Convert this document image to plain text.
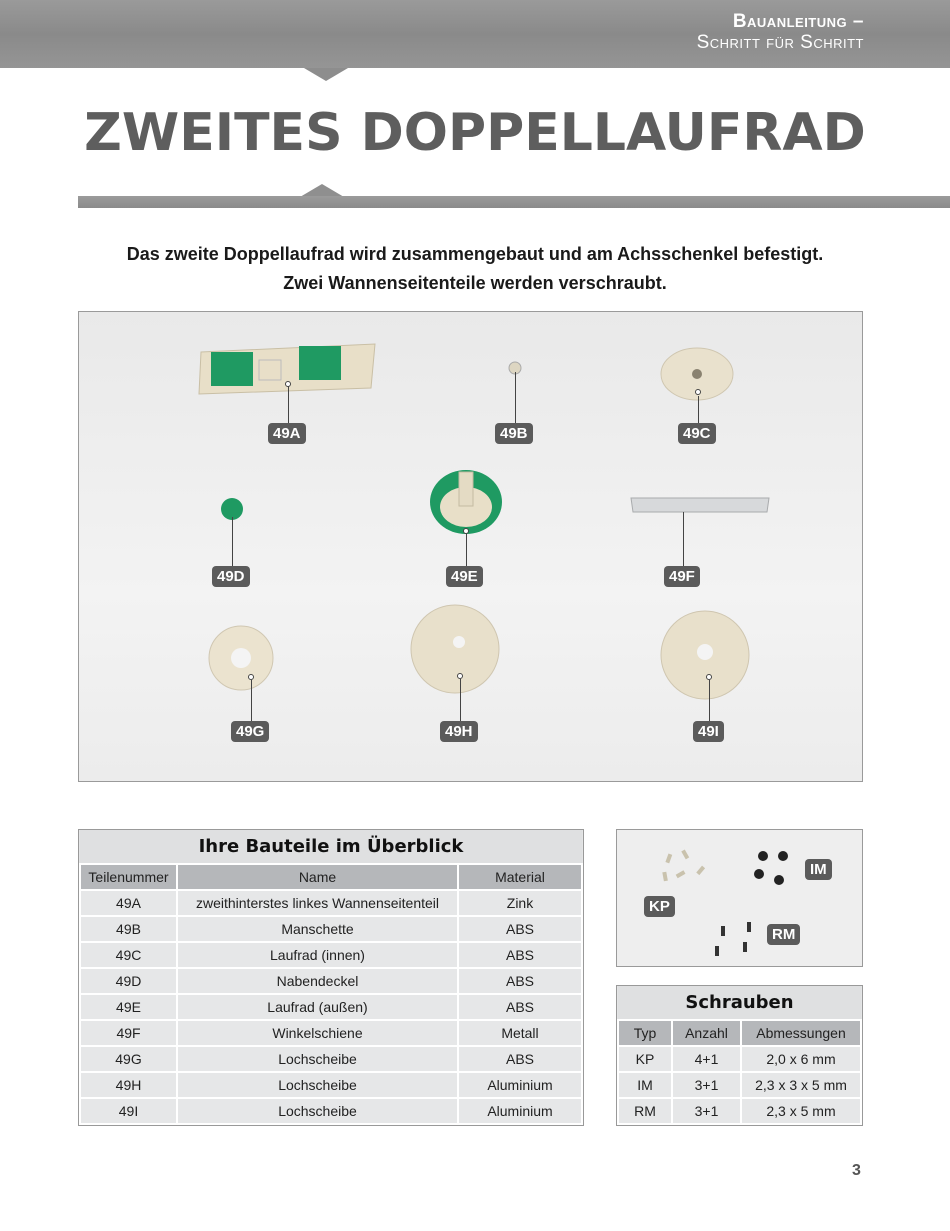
Bauanleitung –
Schritt für Schritt
ZWEITES DOPPELLAUFRAD
Das zweite Doppellaufrad wird zusammengebaut und am Achsschenkel befestigt.
Zwei Wannenseitenteile werden verschraubt.
49A	49B	49C
49D	49E	49F
49G	49H	49I
Ihre Bauteile im Überblick		
Teilenummer	Name	Material
49A	zweithinterstes linkes Wannenseitenteil	Zink
49B	Manschette	ABS
49C	Laufrad (innen)	ABS
49D	Nabendeckel	ABS
49E	Laufrad (außen)	ABS
49F	Winkelschiene	Metall
49G	Lochscheibe	ABS
49H	Lochscheibe	Aluminium
49I	Lochscheibe	Aluminium
IM
KP
RM
Schrauben		
Typ	Anzahl	Abmessungen
KP	4+1	2,0 x 6 mm
IM	3+1	2,3 x 3 x 5 mm
RM	3+1	2,3 x 5 mm
3
